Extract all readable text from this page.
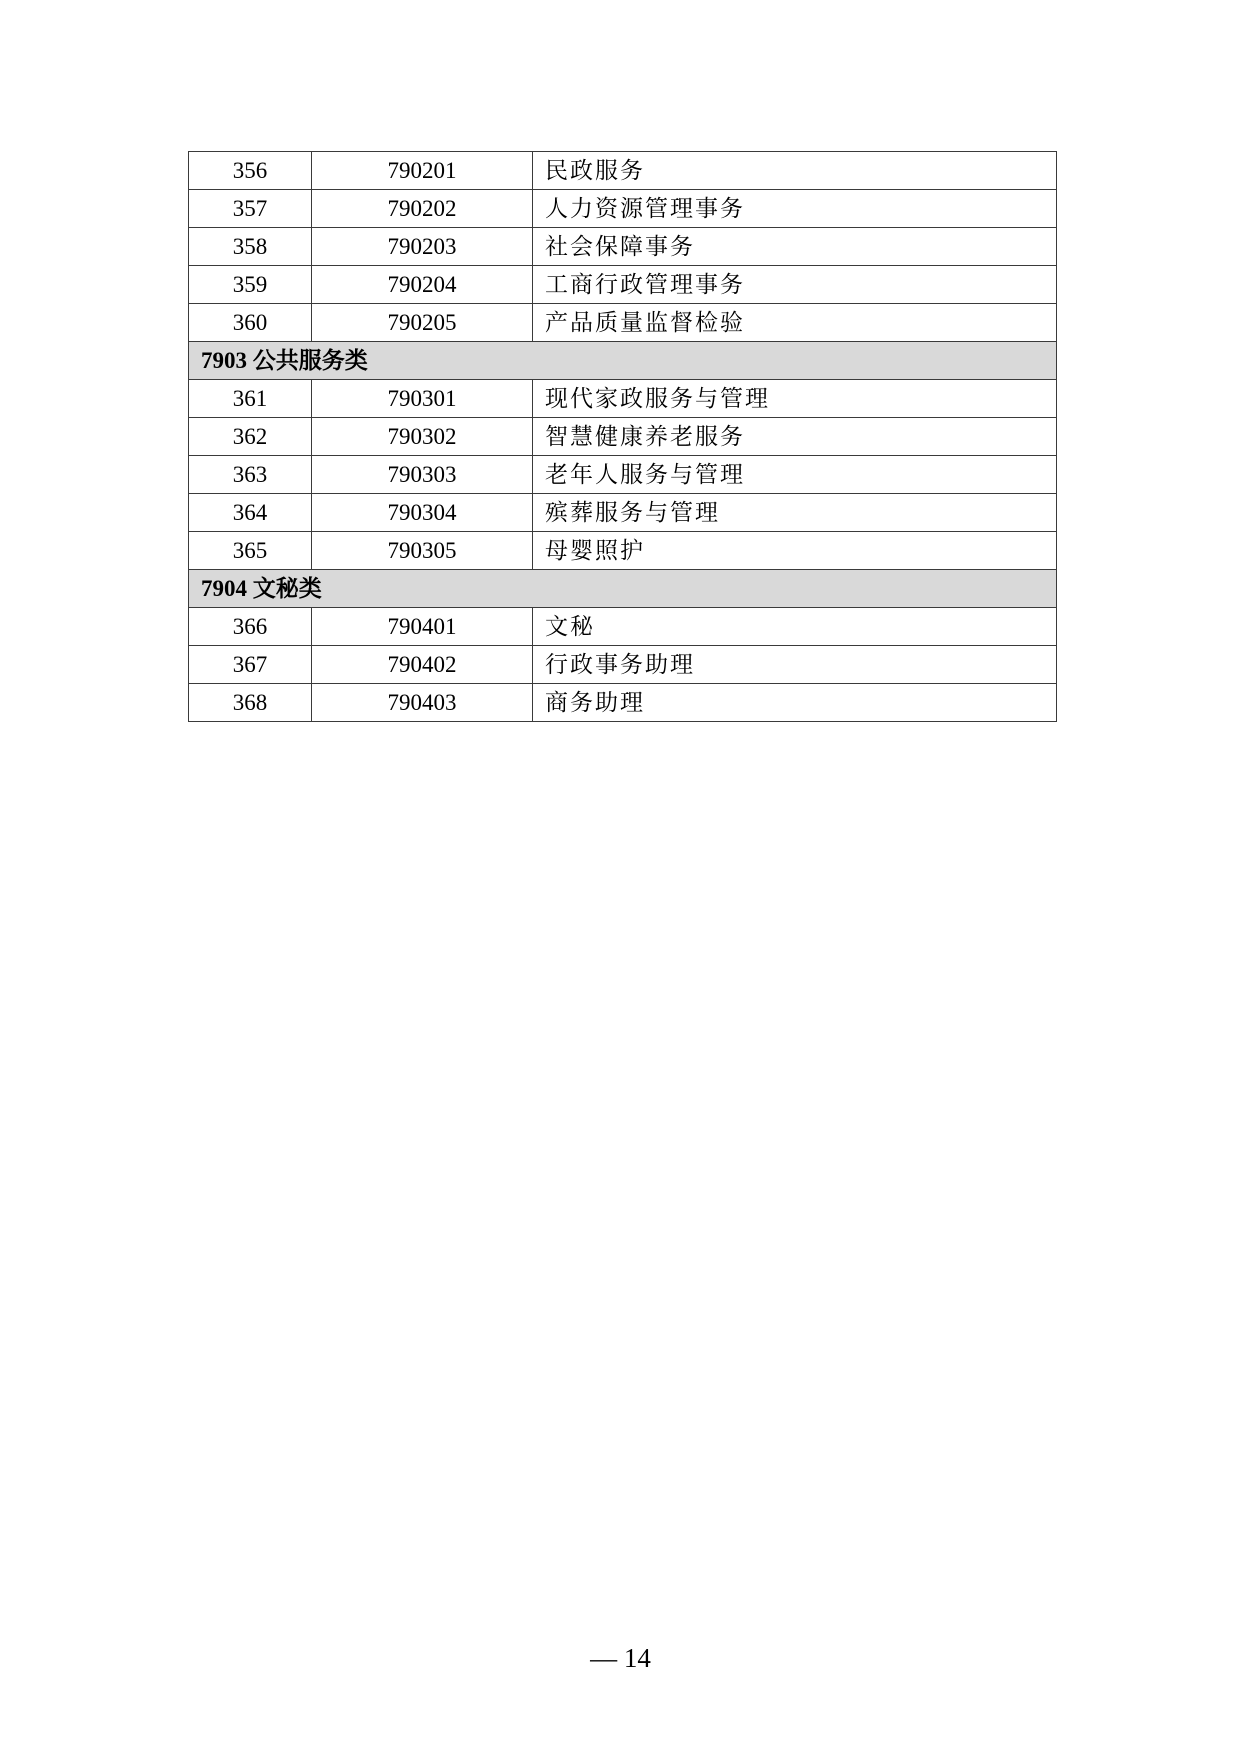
356	790201	民政服务
357	790202	人力资源管理事务
358	790203	社会保障事务
359	790204	工商行政管理事务
360	790205	产品质量监督检验
7903 公共服务类		
361	790301	现代家政服务与管理
362	790302	智慧健康养老服务
363	790303	老年人服务与管理
364	790304	殡葬服务与管理
365	790305	母婴照护
7904 文秘类		
366	790401	文秘
367	790402	行政事务助理
368	790403	商务助理
— 14
